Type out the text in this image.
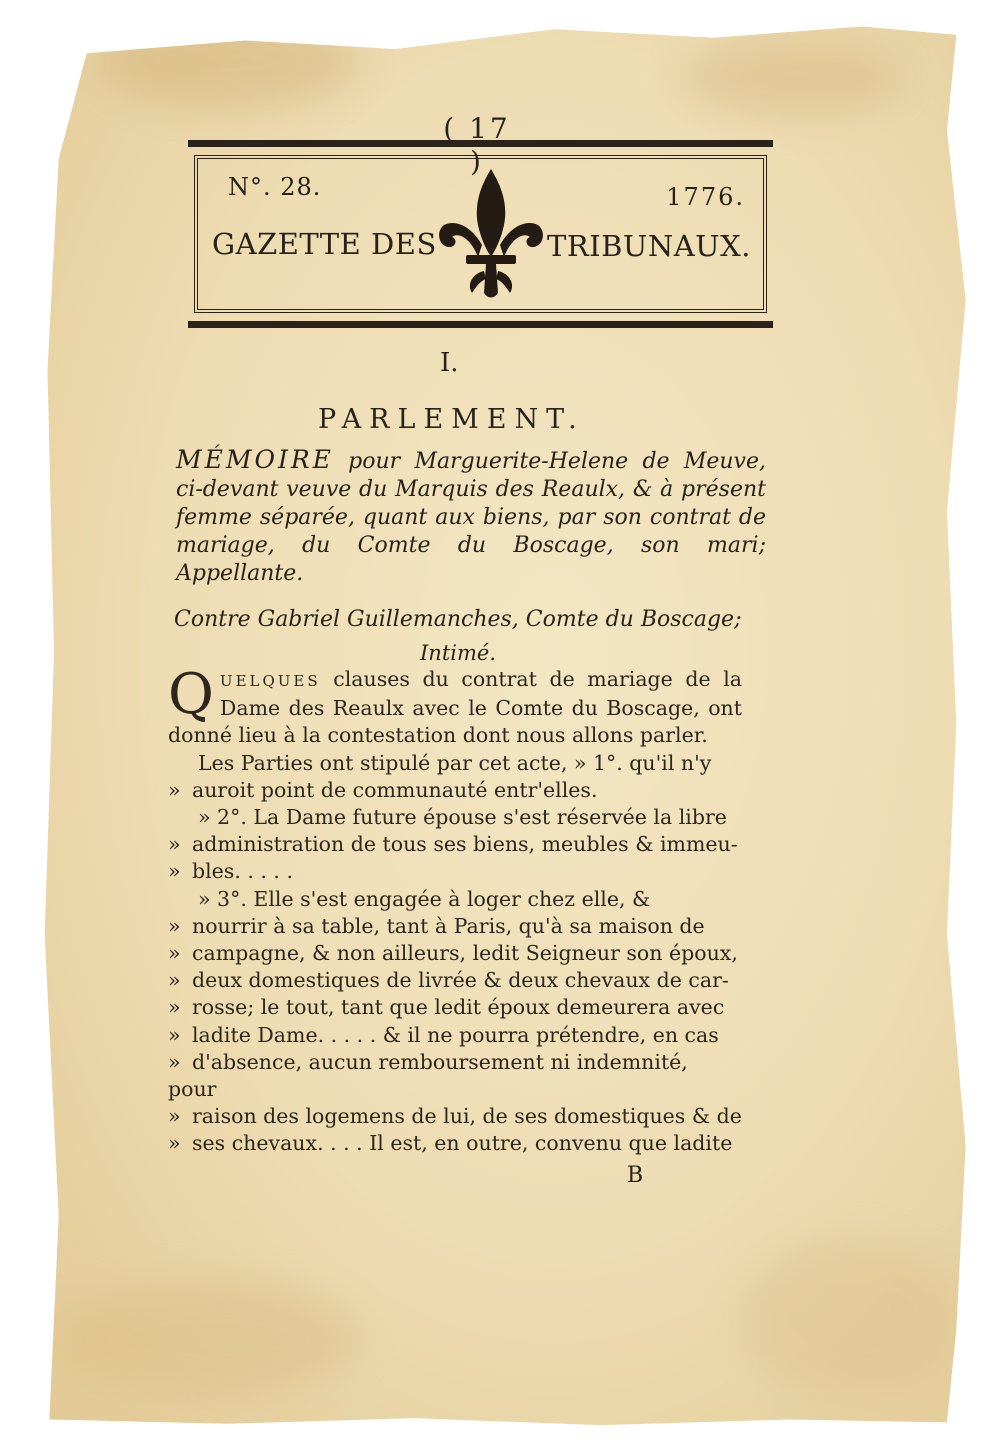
( 17 )
N°. 28.	1776.
GAZETTE DES	TRIBUNAUX.
I.
PARLEMENT.
MÉMOIRE pour Marguerite-Helene de Meuve, ci-devant veuve du Marquis des Reaulx, & à présent femme séparée, quant aux biens, par son contrat de mariage, du Comte du Boscage, son mari; Appellante.
Contre Gabriel Guillemanches, Comte du Boscage;
Intimé.

QUELQUES clauses du contrat de mariage de la Dame des Reaulx avec le Comte du Boscage, ont donné lieu à la contestation dont nous allons parler.

Les Parties ont stipulé par cet acte, » 1°. qu'il n'y

» auroit point de communauté entr'elles.

» 2°. La Dame future épouse s'est réservée la libre

» administration de tous ses biens, meubles & immeu-
» bles. . . . .

» 3°. Elle s'est engagée à loger chez elle, &

» nourrir à sa table, tant à Paris, qu'à sa maison de
» campagne, & non ailleurs, ledit Seigneur son époux,
» deux domestiques de livrée & deux chevaux de car-
» rosse; le tout, tant que ledit époux demeurera avec
» ladite Dame. . . . . & il ne pourra prétendre, en cas
» d'absence, aucun remboursement ni indemnité, pour
» raison des logemens de lui, de ses domestiques & de
» ses chevaux. . . . Il est, en outre, convenu que ladite
B
